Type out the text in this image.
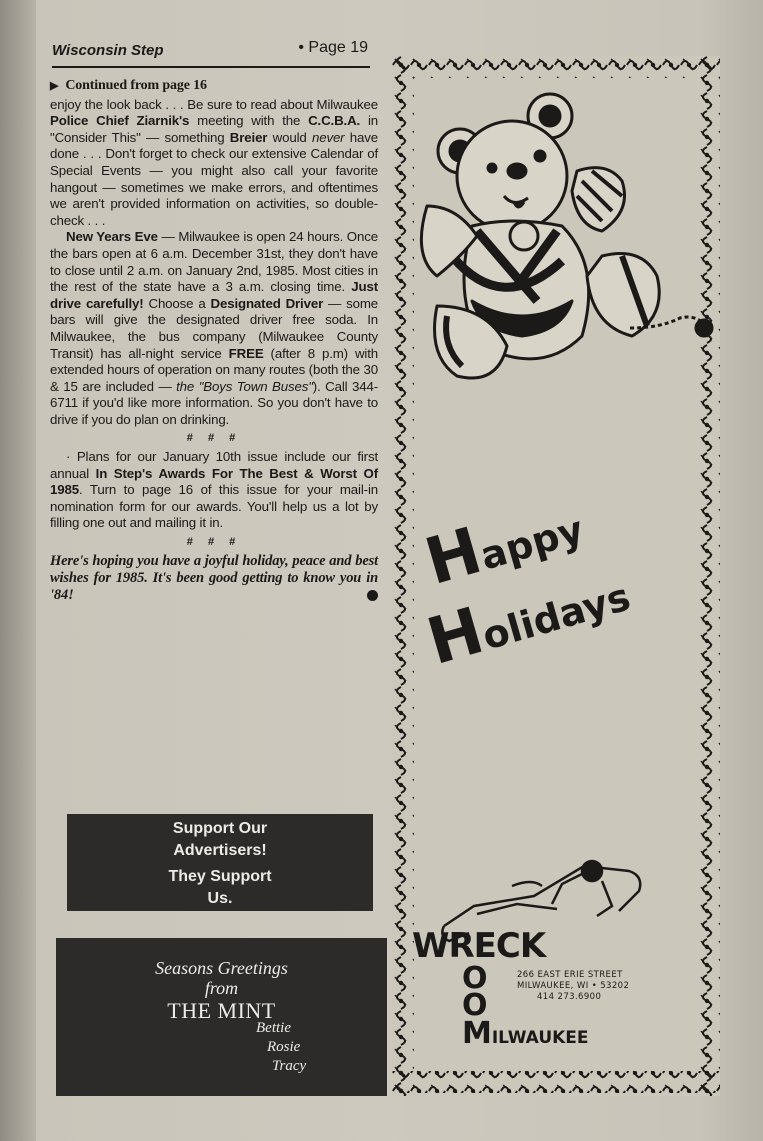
Wisconsin Step	• Page 19

▶ Continued from page 16

enjoy the look back . . . Be sure to read about Milwaukee Police Chief Ziarnik's meeting with the C.C.B.A. in "Consider This" — something Breier would never have done . . . Don't forget to check our extensive Calendar of Special Events — you might also call your favorite hangout — sometimes we make errors, and oftentimes we aren't provided information on activities, so double-check . . .

New Years Eve — Milwaukee is open 24 hours. Once the bars open at 6 a.m. December 31st, they don't have to close until 2 a.m. on January 2nd, 1985. Most cities in the rest of the state have a 3 a.m. closing time. Just drive carefully! Choose a Designated Driver — some bars will give the designated driver free soda. In Milwaukee, the bus company (Milwaukee County Transit) has all-night service FREE (after 8 p.m) with extended hours of operation on many routes (both the 30 & 15 are included — the "Boys Town Buses"). Call 344-6711 if you'd like more information. So you don't have to drive if you do plan on drinking.

# # #

· Plans for our January 10th issue include our first annual In Step's Awards For The Best & Worst Of 1985. Turn to page 16 of this issue for your mail-in nomination form for our awards. You'll help us a lot by filling one out and mailing it in.

# # #

Here's hoping you have a joyful holiday, peace and best wishes for 1985. It's been good getting to know you in '84!

Support Our
Advertisers!
They Support
Us.
Seasons Greetings
from
THE MINT
Bettie
Rosie
Tracy
Happy
Holidays
WRECK
O
O
266 EAST ERIE STREET
MILWAUKEE, WI • 53202
414 273.6900
MILWAUKEE
